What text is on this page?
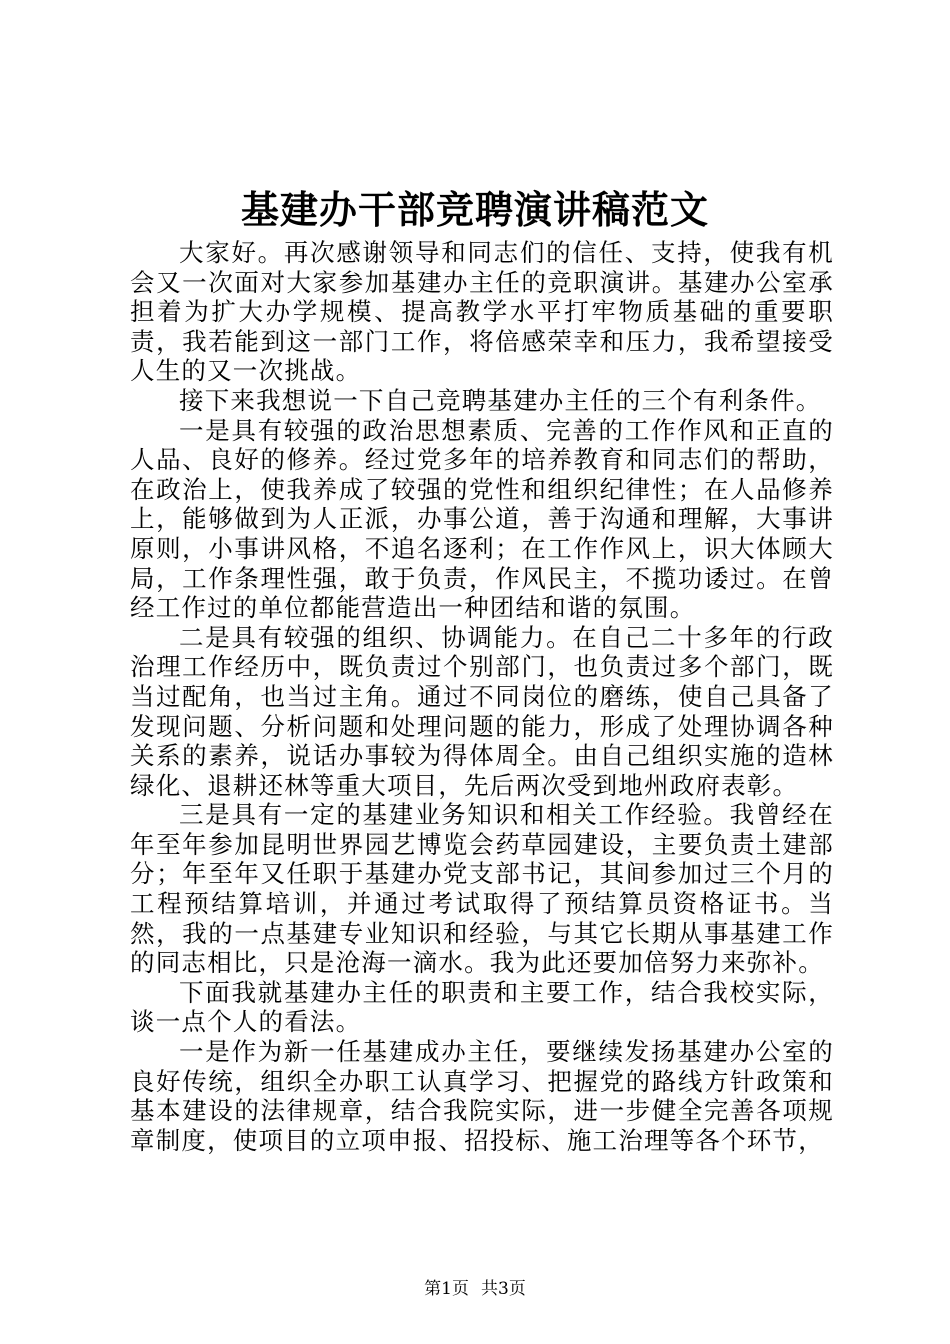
基建办干部竞聘演讲稿范文

大家好。再次感谢领导和同志们的信任、支持，使我有机会又一次面对大家参加基建办主任的竞职演讲。基建办公室承担着为扩大办学规模、提高教学水平打牢物质基础的重要职责，我若能到这一部门工作，将倍感荣幸和压力，我希望接受人生的又一次挑战。

接下来我想说一下自己竞聘基建办主任的三个有利条件。

一是具有较强的政治思想素质、完善的工作作风和正直的人品、良好的修养。经过党多年的培养教育和同志们的帮助，在政治上，使我养成了较强的党性和组织纪律性；在人品修养上，能够做到为人正派，办事公道，善于沟通和理解，大事讲原则，小事讲风格，不追名逐利；在工作作风上，识大体顾大局，工作条理性强，敢于负责，作风民主，不揽功诿过。在曾经工作过的单位都能营造出一种团结和谐的氛围。

二是具有较强的组织、协调能力。在自己二十多年的行政治理工作经历中，既负责过个别部门，也负责过多个部门，既当过配角，也当过主角。通过不同岗位的磨练，使自己具备了发现问题、分析问题和处理问题的能力，形成了处理协调各种关系的素养，说话办事较为得体周全。由自己组织实施的造林绿化、退耕还林等重大项目，先后两次受到地州政府表彰。

三是具有一定的基建业务知识和相关工作经验。我曾经在年至年参加昆明世界园艺博览会药草园建设，主要负责土建部分；年至年又任职于基建办党支部书记，其间参加过三个月的工程预结算培训，并通过考试取得了预结算员资格证书。当然，我的一点基建专业知识和经验，与其它长期从事基建工作的同志相比，只是沧海一滴水。我为此还要加倍努力来弥补。

下面我就基建办主任的职责和主要工作，结合我校实际，谈一点个人的看法。

一是作为新一任基建成办主任，要继续发扬基建办公室的良好传统，组织全办职工认真学习、把握党的路线方针政策和基本建设的法律规章，结合我院实际，进一步健全完善各项规章制度，使项目的立项申报、招投标、施工治理等各个环节，

第1页 共3页
